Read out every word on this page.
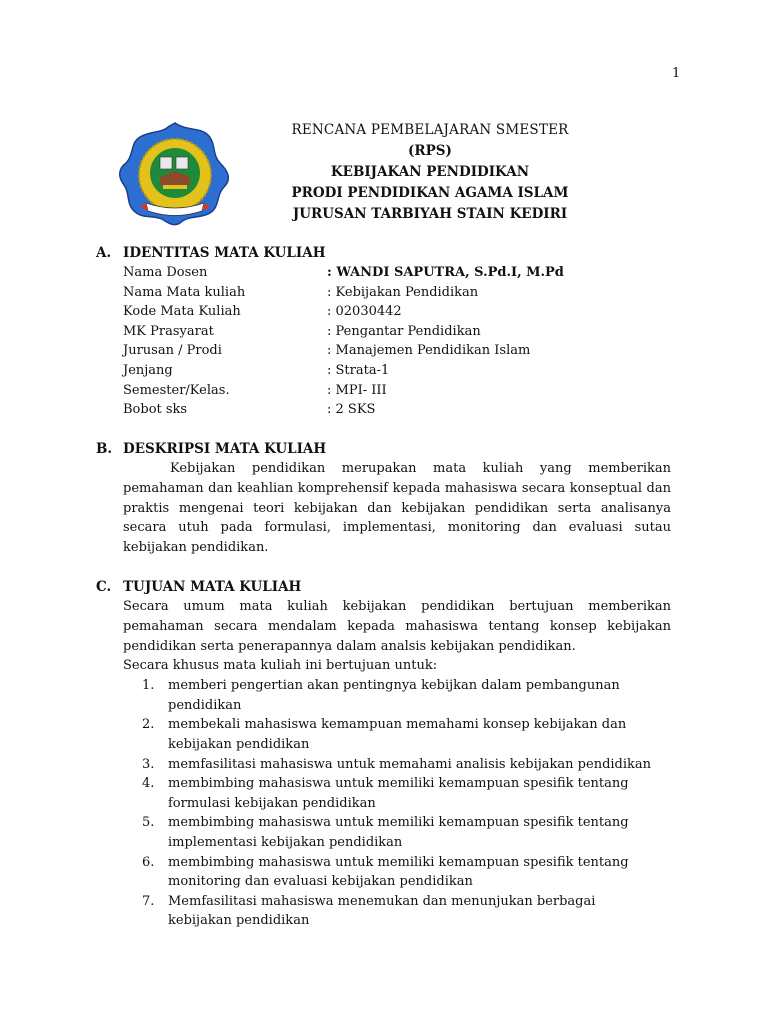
1
RENCANA PEMBELAJARAN SMESTER
(RPS)
KEBIJAKAN PENDIDIKAN
PRODI PENDIDIKAN AGAMA ISLAM
JURUSAN TARBIYAH STAIN KEDIRI
A. IDENTITAS MATA KULIAH
Nama Dosen	: WANDI SAPUTRA, S.Pd.I, M.Pd
Nama Mata kuliah	: Kebijakan Pendidikan
Kode Mata Kuliah	: 02030442
MK Prasyarat	: Pengantar Pendidikan
Jurusan / Prodi	: Manajemen Pendidikan Islam
Jenjang	: Strata-1
Semester/Kelas.	: MPI- III
Bobot sks	: 2 SKS
B. DESKRIPSI MATA KULIAH
Kebijakan pendidikan merupakan mata kuliah yang memberikan pemahaman dan keahlian komprehensif kepada mahasiswa secara konseptual dan praktis mengenai teori kebijakan dan kebijakan pendidikan serta analisanya secara utuh pada formulasi, implementasi, monitoring dan evaluasi sutau kebijakan pendidikan.
C. TUJUAN MATA KULIAH
Secara umum mata kuliah kebijakan pendidikan bertujuan memberikan pemahaman secara mendalam kepada mahasiswa tentang konsep kebijakan pendidikan serta penerapannya dalam analsis kebijakan pendidikan.
Secara khusus mata kuliah ini bertujuan untuk:
1.	memberi pengertian akan pentingnya kebijkan dalam pembangunan pendidikan
2.	membekali mahasiswa kemampuan memahami konsep kebijakan dan kebijakan pendidikan
3.	memfasilitasi mahasiswa untuk memahami analisis kebijakan pendidikan
4.	membimbing mahasiswa untuk memiliki kemampuan spesifik tentang formulasi kebijakan pendidikan
5.	membimbing mahasiswa untuk memiliki kemampuan spesifik tentang implementasi kebijakan pendidikan
6.	membimbing mahasiswa untuk memiliki kemampuan spesifik tentang monitoring dan evaluasi kebijakan pendidikan
7.	Memfasilitasi mahasiswa menemukan dan menunjukan berbagai kebijakan pendidikan
